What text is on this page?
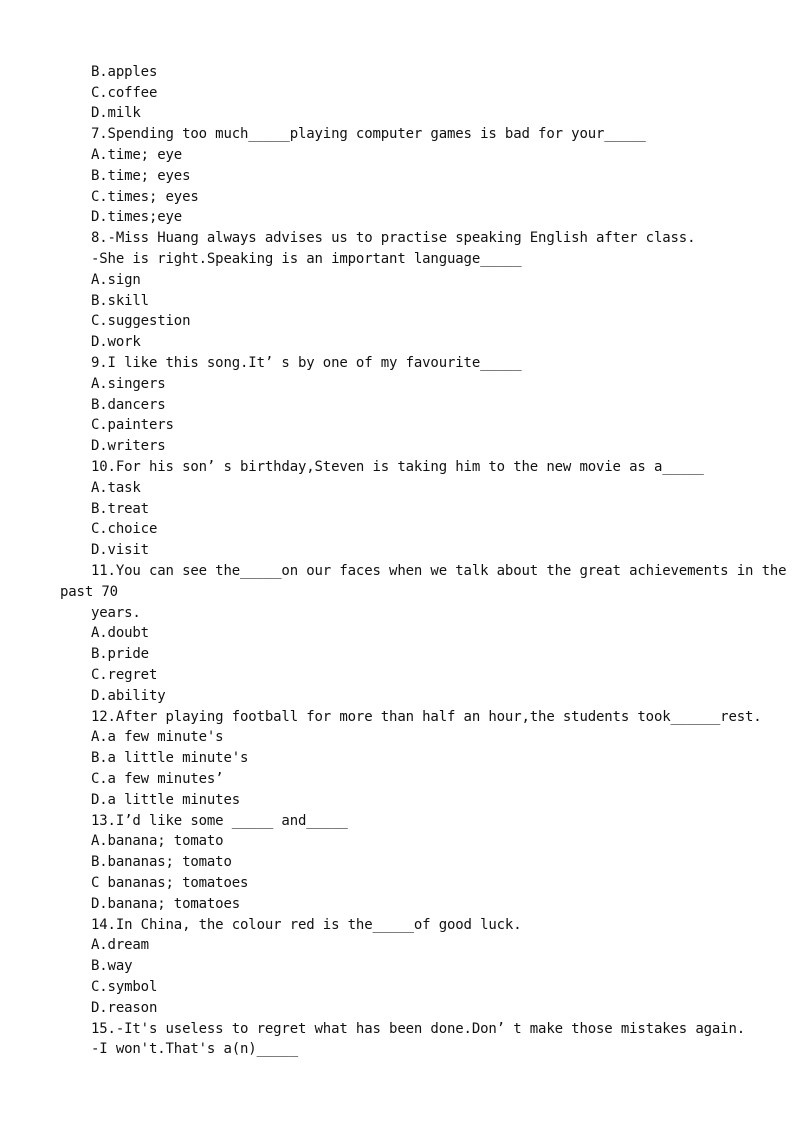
B.apples
C.coffee
D.milk
7.Spending too much_____playing computer games is bad for your_____
A.time; eye
B.time; eyes
C.times; eyes
D.times;eye
8.-Miss Huang always advises us to practise speaking English after class.
-She is right.Speaking is an important language_____
A.sign
B.skill
C.suggestion
D.work
9.I like this song.It’ s by one of my favourite_____
A.singers
B.dancers
C.painters
D.writers
10.For his son’ s birthday,Steven is taking him to the new movie as a_____
A.task
B.treat
C.choice
D.visit
11.You can see the_____on our faces when we talk about the great achievements in the
past 70
years.
A.doubt
B.pride
C.regret
D.ability
12.After playing football for more than half an hour,the students took______rest.
A.a few minute's
B.a little minute's
C.a few minutes’
D.a little minutes
13.I’d like some _____ and_____
A.banana; tomato
B.bananas; tomato
C bananas; tomatoes
D.banana; tomatoes
14.In China, the colour red is the_____of good luck.
A.dream
B.way
C.symbol
D.reason
15.-It's useless to regret what has been done.Don’ t make those mistakes again.
-I won't.That's a(n)_____
